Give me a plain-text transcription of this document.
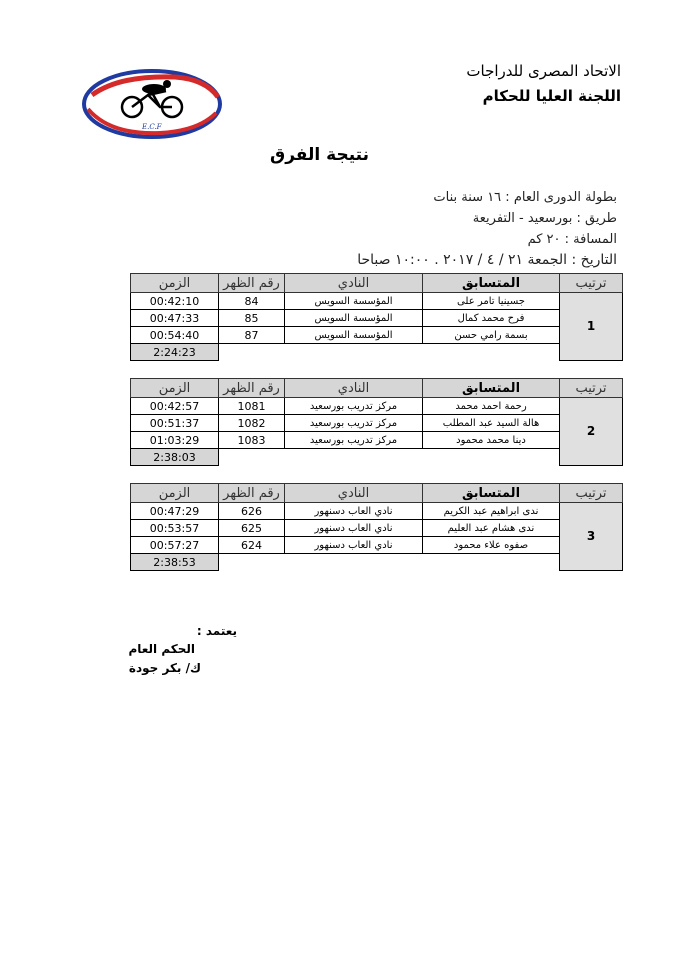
الاتحاد المصرى للدراجات
اللجنة العليا للحكام
E.C.F
نتيجة الفرق
بطولة الدورى العام : ١٦ سنة بنات
طريق : بورسعيد - التفريعة
المسافة : ٢٠ كم
التاريخ : الجمعة ٢١ / ٤ / ٢٠١٧ . ١٠:٠٠ صباحا
الزمن	رقم الظهر	النادي	المتسابق	ترتيب
00:42:10	84	المؤسسة السويس	جسينيا تامر على	1
00:47:33	85	المؤسسة السويس	فرح محمد كمال	
00:54:40	87	المؤسسة السويس	بسمة رامي حسن	
2:24:23				
الزمن	رقم الظهر	النادي	المتسابق	ترتيب
00:42:57	1081	مركز تدريب بورسعيد	رحمة احمد محمد	2
00:51:37	1082	مركز تدريب بورسعيد	هالة السيد عبد المطلب	
01:03:29	1083	مركز تدريب بورسعيد	دينا محمد محمود	
2:38:03				
الزمن	رقم الظهر	النادي	المتسابق	ترتيب
00:47:29	626	نادي العاب دسنهور	ندى ابراهيم عبد الكريم	3
00:53:57	625	نادي العاب دسنهور	ندى هشام عبد العليم	
00:57:27	624	نادي العاب دسنهور	صفوه علاء محمود	
2:38:53				
يعتمد :
الحكم العام
ك/ بكر جودة
